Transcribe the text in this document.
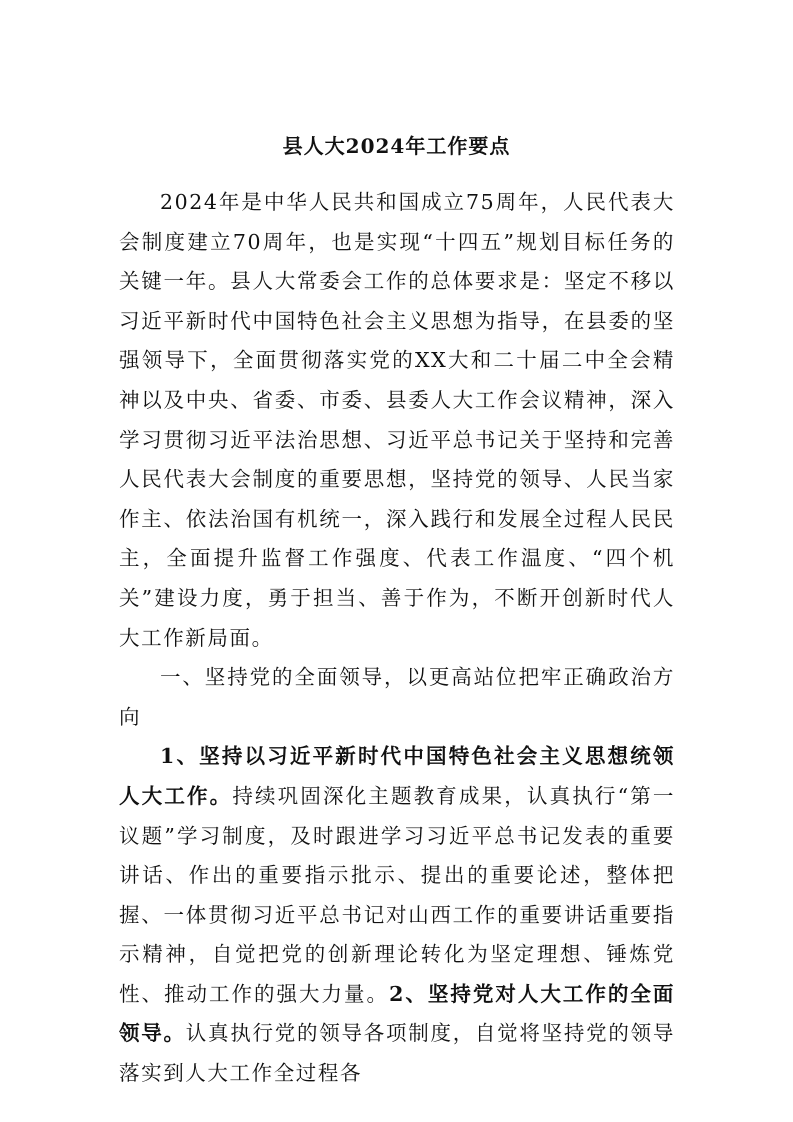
县人大2024年工作要点

2024年是中华人民共和国成立75周年，人民代表大会制度建立70周年，也是实现“十四五”规划目标任务的关键一年。县人大常委会工作的总体要求是：坚定不移以习近平新时代中国特色社会主义思想为指导，在县委的坚强领导下，全面贯彻落实党的XX大和二十届二中全会精神以及中央、省委、市委、县委人大工作会议精神，深入学习贯彻习近平法治思想、习近平总书记关于坚持和完善人民代表大会制度的重要思想，坚持党的领导、人民当家作主、依法治国有机统一，深入践行和发展全过程人民民主，全面提升监督工作强度、代表工作温度、“四个机关”建设力度，勇于担当、善于作为，不断开创新时代人大工作新局面。

一、坚持党的全面领导，以更高站位把牢正确政治方向

1、坚持以习近平新时代中国特色社会主义思想统领人大工作。持续巩固深化主题教育成果，认真执行“第一议题”学习制度，及时跟进学习习近平总书记发表的重要讲话、作出的重要指示批示、提出的重要论述，整体把握、一体贯彻习近平总书记对山西工作的重要讲话重要指示精神，自觉把党的创新理论转化为坚定理想、锤炼党性、推动工作的强大力量。2、坚持党对人大工作的全面领导。认真执行党的领导各项制度，自觉将坚持党的领导落实到人大工作全过程各
